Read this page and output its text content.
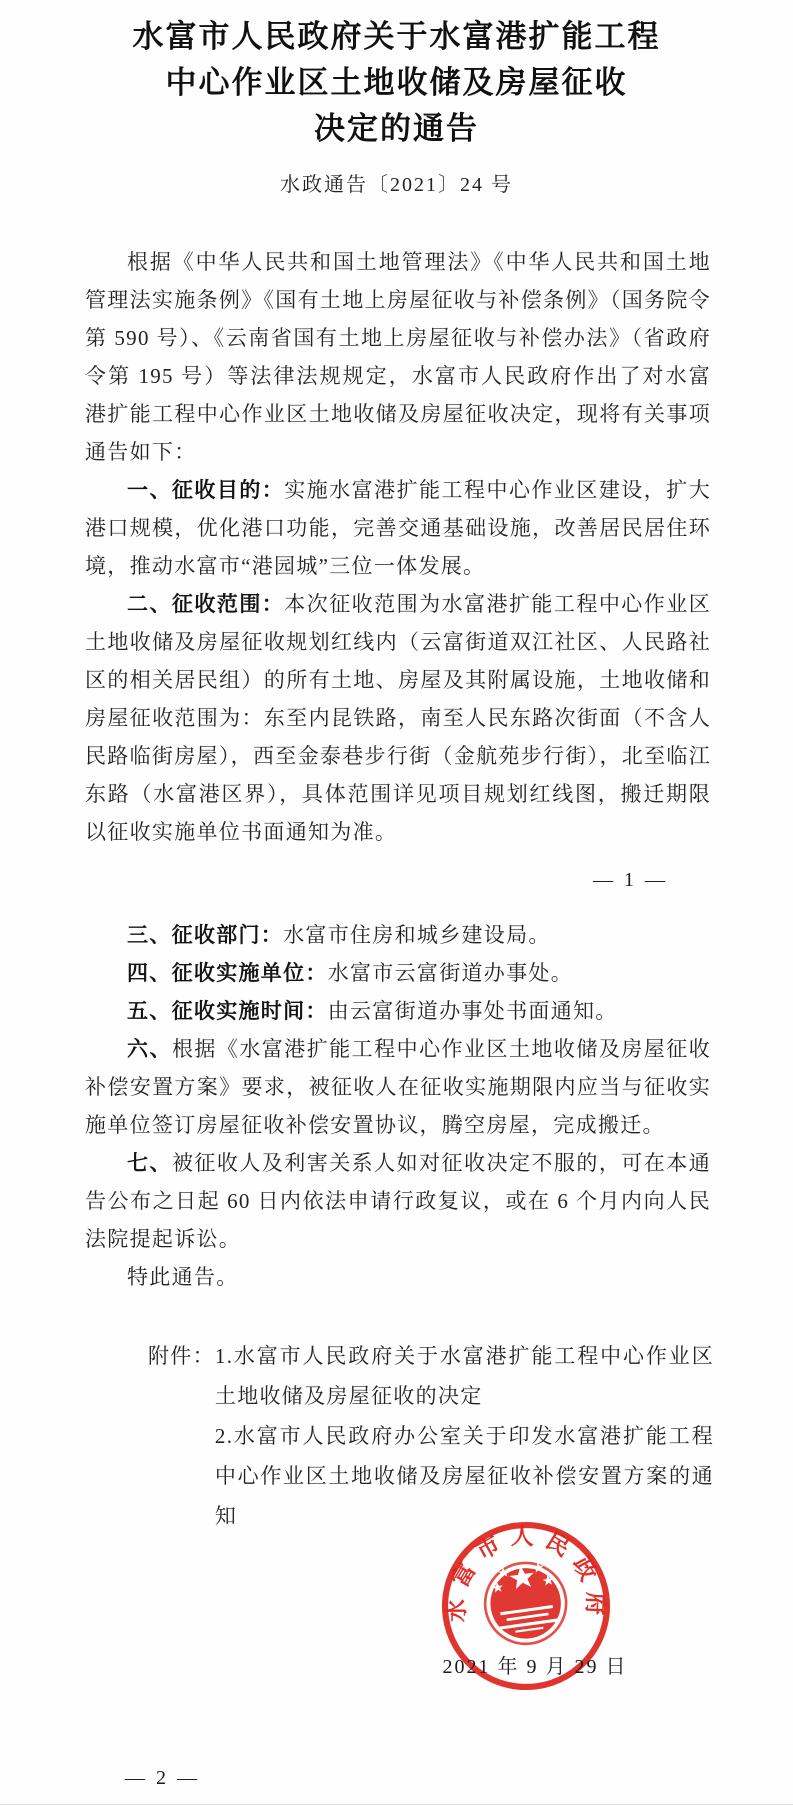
水富市人民政府关于水富港扩能工程
中心作业区土地收储及房屋征收
决定的通告
水政通告〔2021〕24 号

根据《中华人民共和国土地管理法》《中华人民共和国土地管理法实施条例》《国有土地上房屋征收与补偿条例》（国务院令第 590 号）、《云南省国有土地上房屋征收与补偿办法》（省政府令第 195 号）等法律法规规定，水富市人民政府作出了对水富港扩能工程中心作业区土地收储及房屋征收决定，现将有关事项通告如下：

一、征收目的：实施水富港扩能工程中心作业区建设，扩大港口规模，优化港口功能，完善交通基础设施，改善居民居住环境，推动水富市“港园城”三位一体发展。

二、征收范围：本次征收范围为水富港扩能工程中心作业区土地收储及房屋征收规划红线内（云富街道双江社区、人民路社区的相关居民组）的所有土地、房屋及其附属设施，土地收储和房屋征收范围为：东至内昆铁路，南至人民东路次街面（不含人民路临街房屋），西至金泰巷步行街（金航苑步行街），北至临江东路（水富港区界），具体范围详见项目规划红线图，搬迁期限以征收实施单位书面通知为准。

— 1 —

三、征收部门：水富市住房和城乡建设局。

四、征收实施单位：水富市云富街道办事处。

五、征收实施时间：由云富街道办事处书面通知。

六、根据《水富港扩能工程中心作业区土地收储及房屋征收补偿安置方案》要求，被征收人在征收实施期限内应当与征收实施单位签订房屋征收补偿安置协议，腾空房屋，完成搬迁。

七、被征收人及利害关系人如对征收决定不服的，可在本通告公布之日起 60 日内依法申请行政复议，或在 6 个月内向人民法院提起诉讼。

特此通告。

附件： 1.水富市人民政府关于水富港扩能工程中心作业区土地收储及房屋征收的决定

2.水富市人民政府办公室关于印发水富港扩能工程中心作业区土地收储及房屋征收补偿安置方案的通知

水富市人民政府
2021 年 9 月 29 日
— 2 —
